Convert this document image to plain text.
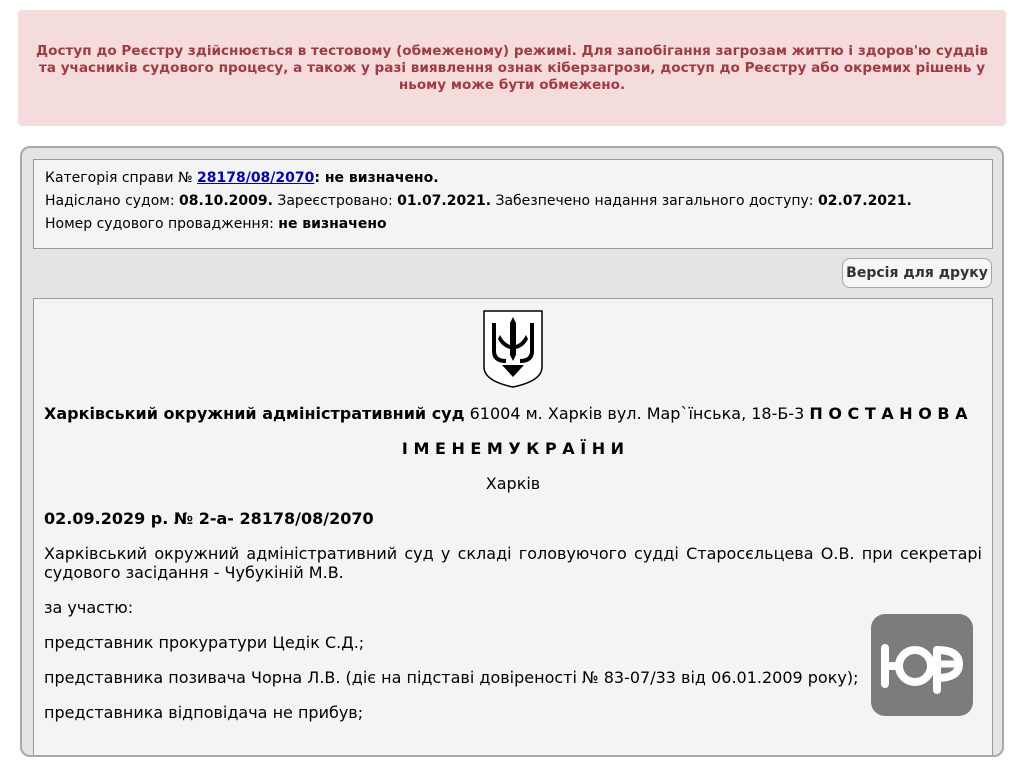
Доступ до Реєстру здійснюється в тестовому (обмеженому) режимі. Для запобігання загрозам життю і здоров'ю суддів та учасників судового процесу, а також у разі виявлення ознак кіберзагрози, доступ до Реєстру або окремих рішень у ньому може бути обмежено.
Категорія справи № 28178/08/2070: не визначено.
Надіслано судом: 08.10.2009. Зареєстровано: 01.07.2021. Забезпечено надання загального доступу: 02.07.2021.
Номер судового провадження: не визначено
Версія для друку
Харківський окружний адміністративний суд 61004 м. Харків вул. Мар`їнська, 18-Б-3 П О С Т А Н О В А
І М Е Н Е М У К Р А Ї Н И
Харків
02.09.2029 р. № 2-а- 28178/08/2070
Харківський окружний адміністративний суд у складі головуючого судді Старосєльцева О.В. при секретарі судового засідання - Чубукіній М.В.
за участю:
представник прокуратури Цедік С.Д.;
представника позивача Чорна Л.В. (діє на підставі довіреності № 83-07/33 від 06.01.2009 року);
представника відповідача не прибув;
